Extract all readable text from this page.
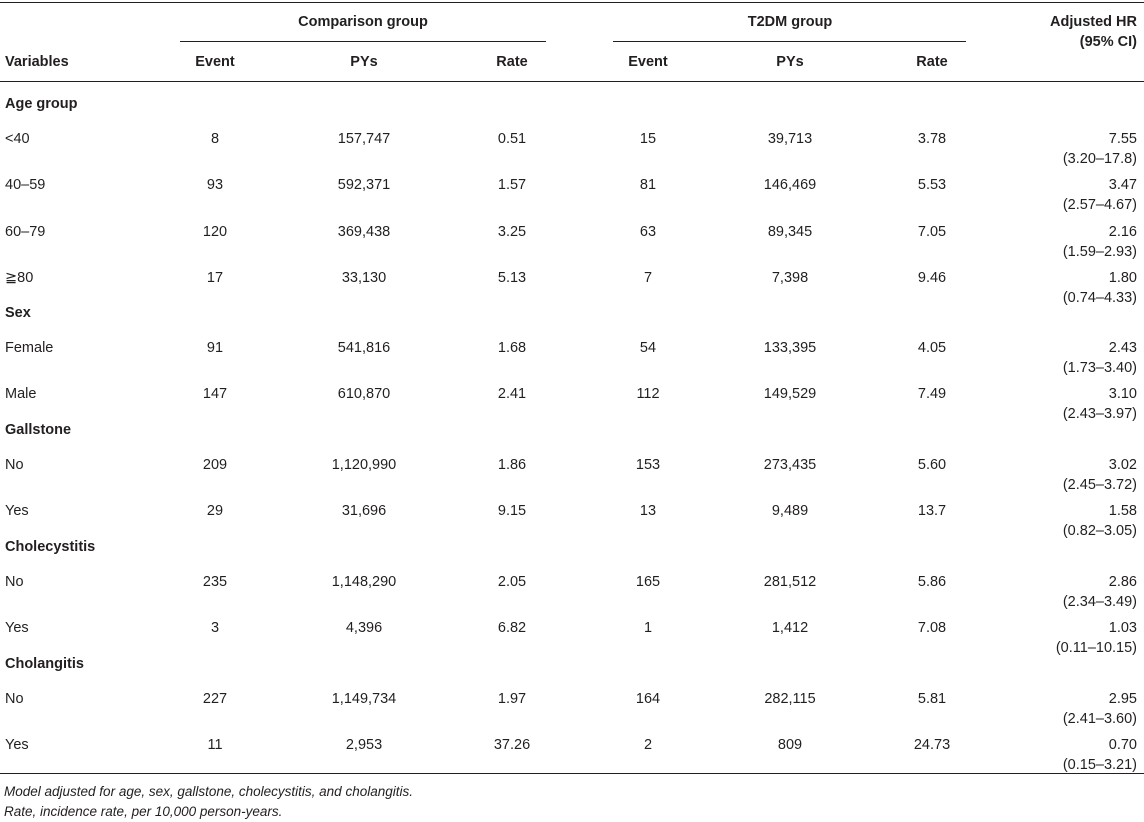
Comparison group	T2DM group	Adjusted HR
(95% CI)
Variables	Event	PYs	Rate	Event	PYs	Rate
Age group
<40	8	157,747	0.51	15	39,713	3.78	7.55
(3.20–17.8)
40–59	93	592,371	1.57	81	146,469	5.53	3.47
(2.57–4.67)
60–79	120	369,438	3.25	63	89,345	7.05	2.16
(1.59–2.93)
≧80	17	33,130	5.13	7	7,398	9.46	1.80
(0.74–4.33)
Sex
Female	91	541,816	1.68	54	133,395	4.05	2.43
(1.73–3.40)
Male	147	610,870	2.41	112	149,529	7.49	3.10
(2.43–3.97)
Gallstone
No	209	1,120,990	1.86	153	273,435	5.60	3.02
(2.45–3.72)
Yes	29	31,696	9.15	13	9,489	13.7	1.58
(0.82–3.05)
Cholecystitis
No	235	1,148,290	2.05	165	281,512	5.86	2.86
(2.34–3.49)
Yes	3	4,396	6.82	1	1,412	7.08	1.03
(0.11–10.15)
Cholangitis
No	227	1,149,734	1.97	164	282,115	5.81	2.95
(2.41–3.60)
Yes	11	2,953	37.26	2	809	24.73	0.70
(0.15–3.21)
Model adjusted for age, sex, gallstone, cholecystitis, and cholangitis.
Rate, incidence rate, per 10,000 person-years.
